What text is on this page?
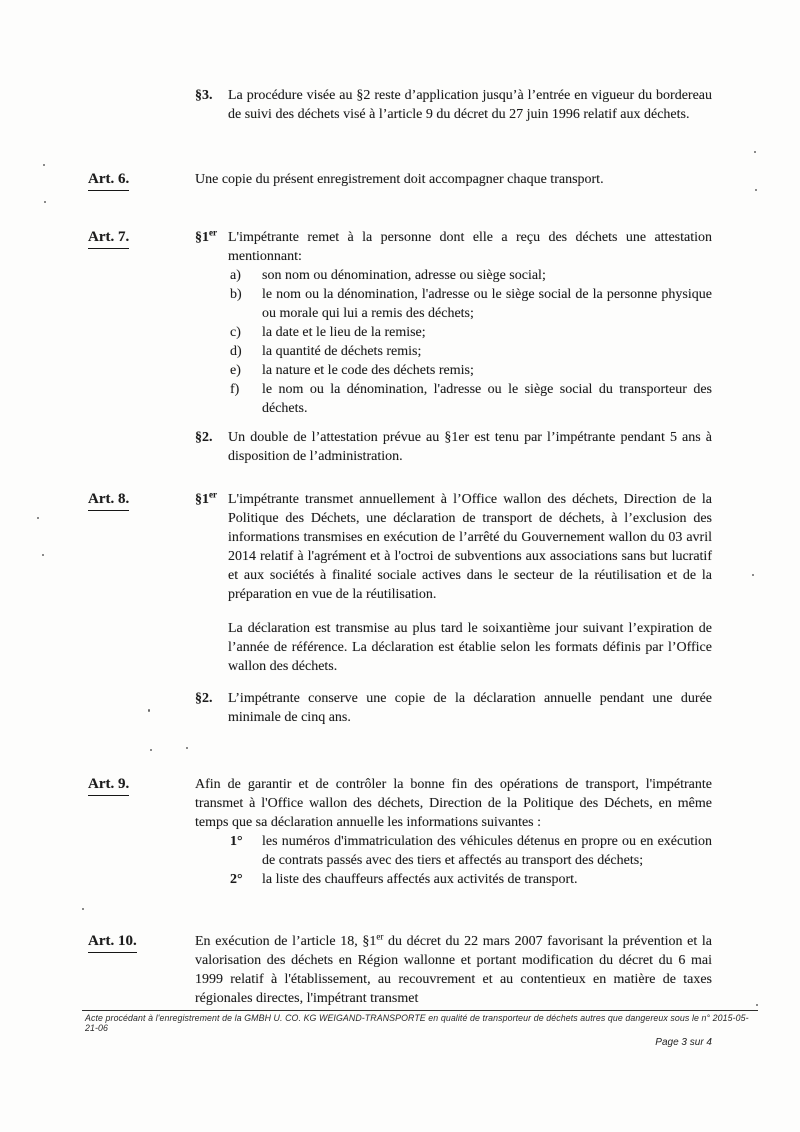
§3.	La procédure visée au §2 reste d’application jusqu’à l’entrée en vigueur du bordereau de suivi des déchets visé à l’article 9 du décret du 27 juin 1996 relatif aux déchets.
Art. 6.	Une copie du présent enregistrement doit accompagner chaque transport.
Art. 7.	§1er L'impétrante remet à la personne dont elle a reçu des déchets une attestation mentionnant:
a)	son nom ou dénomination, adresse ou siège social;
b)	le nom ou la dénomination, l'adresse ou le siège social de la personne physique ou morale qui lui a remis des déchets;
c)	la date et le lieu de la remise;
d)	la quantité de déchets remis;
e)	la nature et le code des déchets remis;
f)	le nom ou la dénomination, l'adresse ou le siège social du transporteur des déchets.
§2.	Un double de l’attestation prévue au §1er est tenu par l’impétrante pendant 5 ans à disposition de l’administration.
Art. 8.	§1er L'impétrante transmet annuellement à l’Office wallon des déchets, Direction de la Politique des Déchets, une déclaration de transport de déchets, à l’exclusion des informations transmises en exécution de l’arrêté du Gouvernement wallon du 03 avril 2014 relatif à l'agrément et à l'octroi de subventions aux associations sans but lucratif et aux sociétés à finalité sociale actives dans le secteur de la réutilisation et de la préparation en vue de la réutilisation.
La déclaration est transmise au plus tard le soixantième jour suivant l’expiration de l’année de référence. La déclaration est établie selon les formats définis par l’Office wallon des déchets.
§2.	L’impétrante conserve une copie de la déclaration annuelle pendant une durée minimale de cinq ans.
Art. 9.	Afin de garantir et de contrôler la bonne fin des opérations de transport, l'impétrante transmet à l'Office wallon des déchets, Direction de la Politique des Déchets, en même temps que sa déclaration annuelle les informations suivantes :
1°	les numéros d'immatriculation des véhicules détenus en propre ou en exécution de contrats passés avec des tiers et affectés au transport des déchets;
2°	la liste des chauffeurs affectés aux activités de transport.
Art. 10.	En exécution de l’article 18, §1er du décret du 22 mars 2007 favorisant la prévention et la valorisation des déchets en Région wallonne et portant modification du décret du 6 mai 1999 relatif à l'établissement, au recouvrement et au contentieux en matière de taxes régionales directes, l'impétrant transmet
Acte procédant à l'enregistrement de la GMBH U. CO. KG WEIGAND-TRANSPORTE en qualité de transporteur de déchets autres que dangereux sous le n° 2015-05-21-06
Page 3 sur 4
